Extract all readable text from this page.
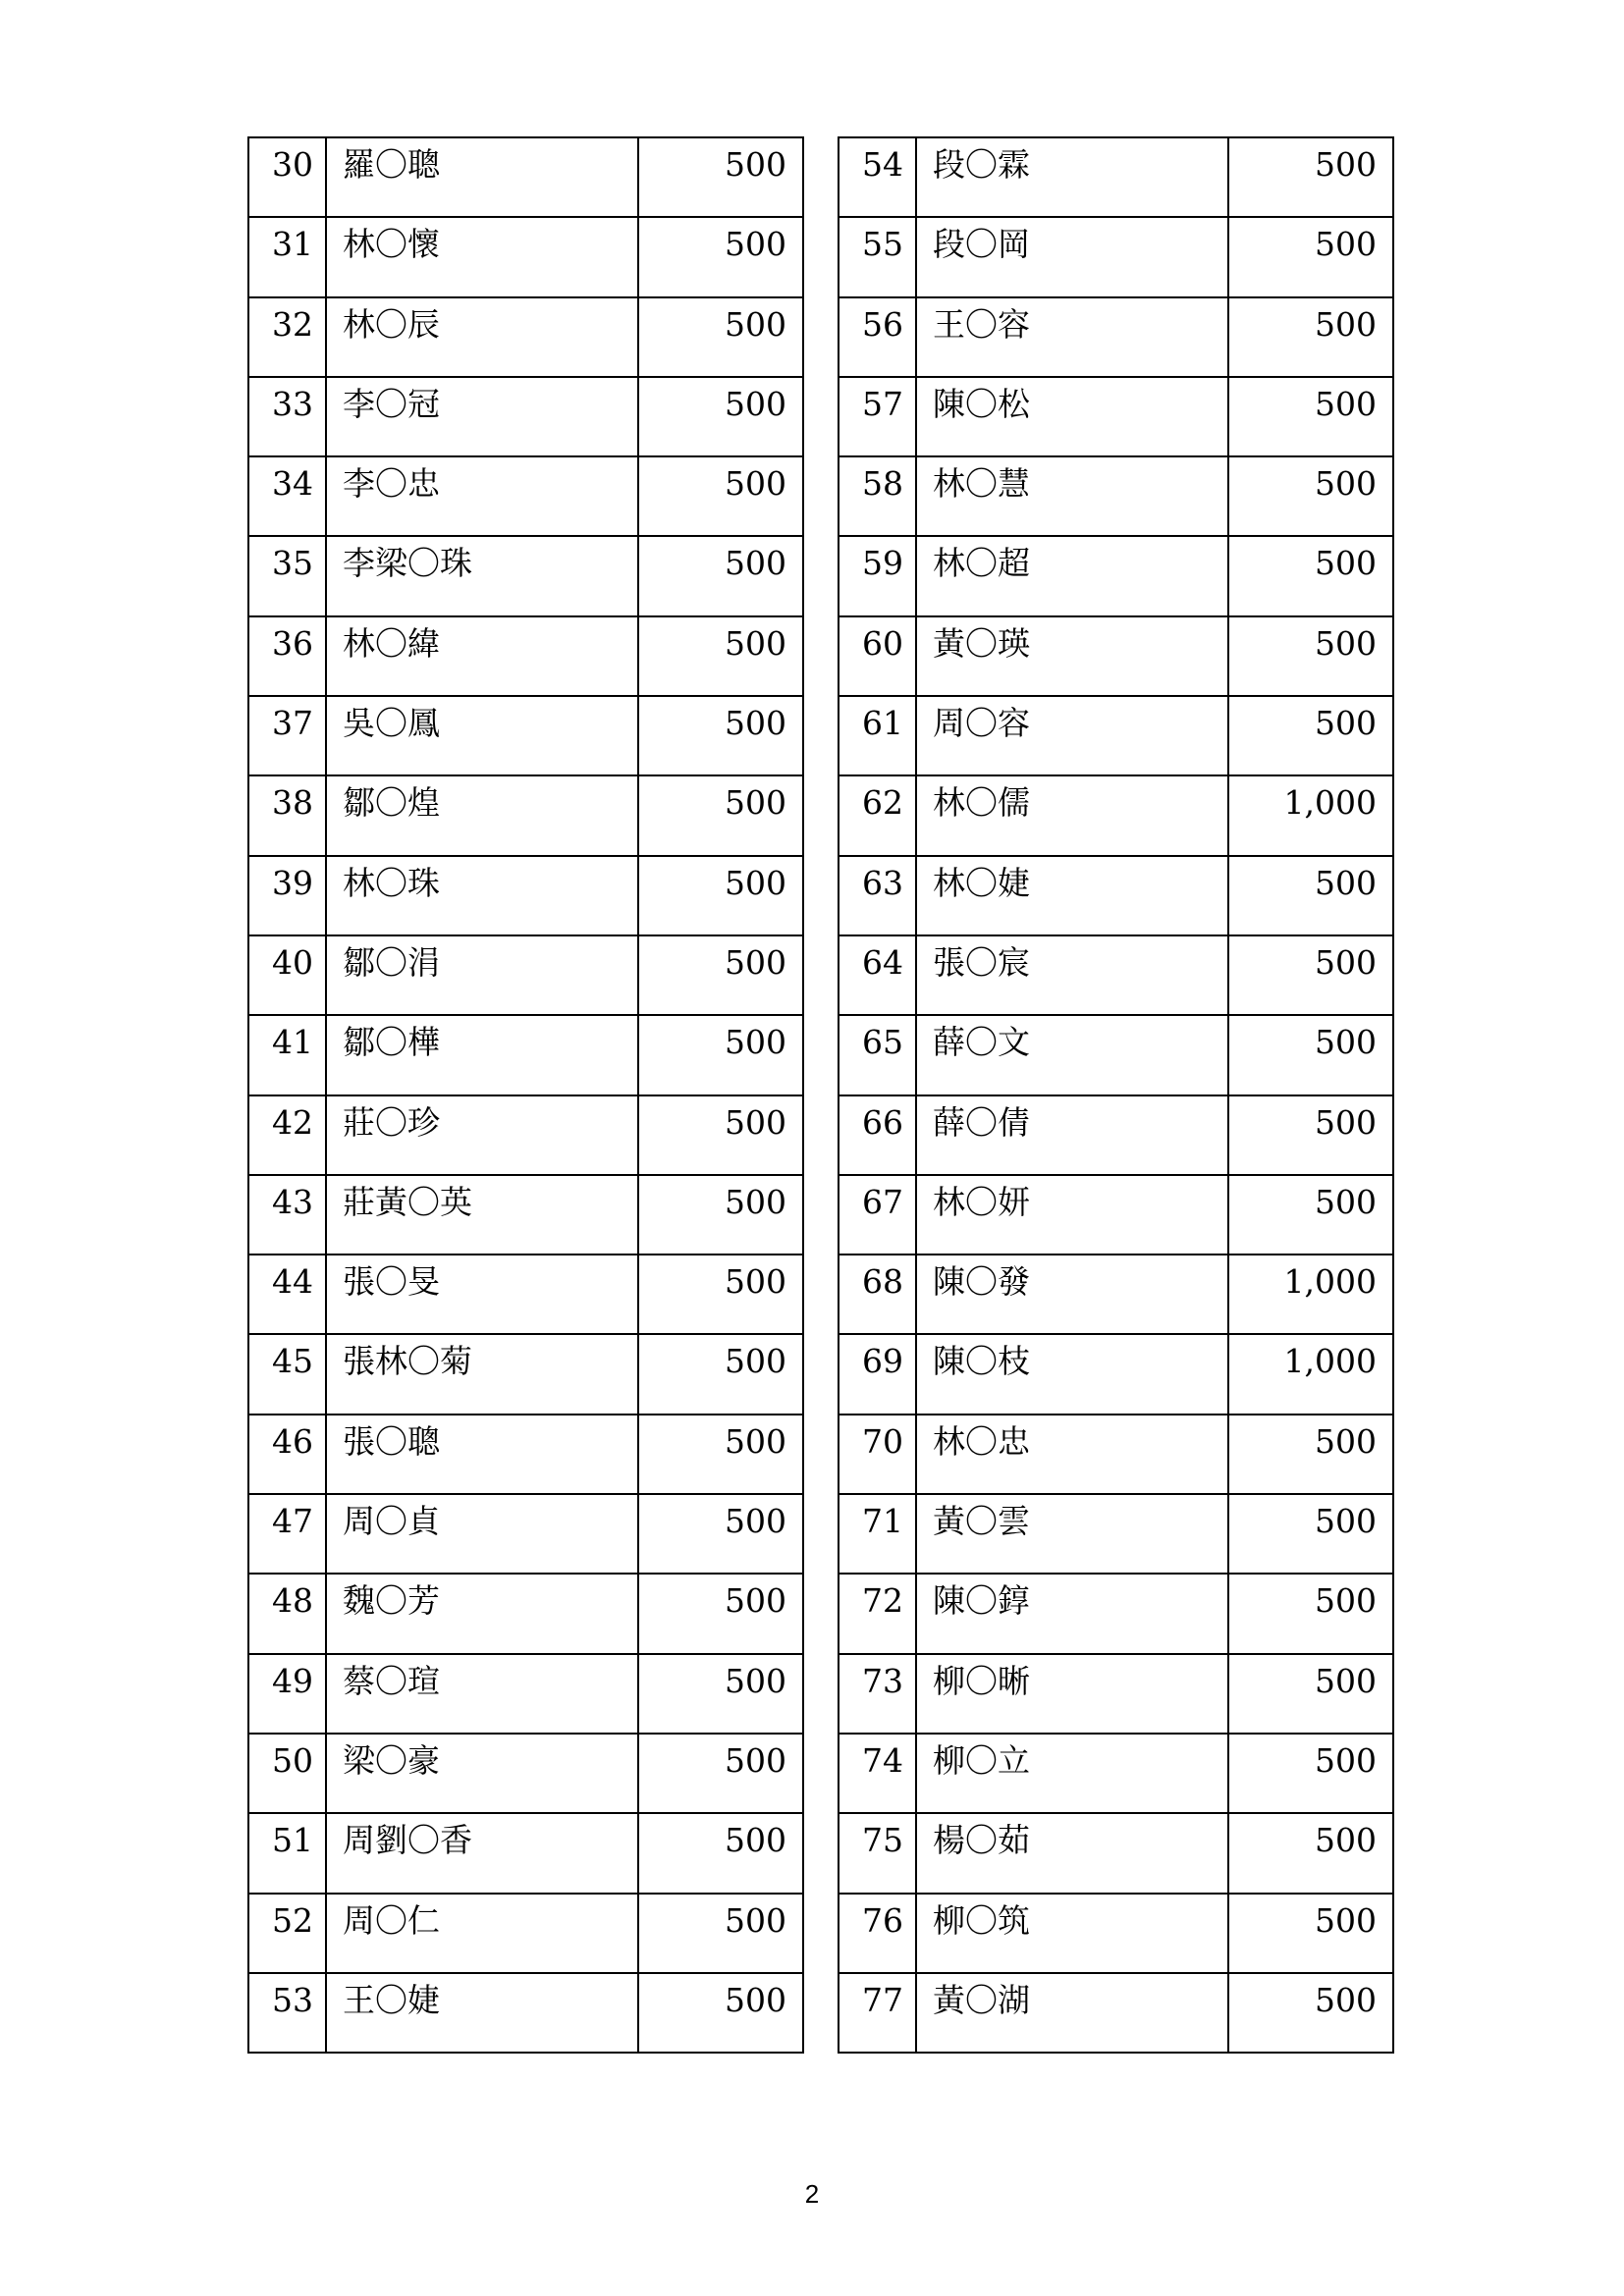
30	羅〇聰	500
31	林〇懷	500
32	林〇辰	500
33	李〇冠	500
34	李〇忠	500
35	李梁〇珠	500
36	林〇緯	500
37	吳〇鳳	500
38	鄒〇煌	500
39	林〇珠	500
40	鄒〇涓	500
41	鄒〇樺	500
42	莊〇珍	500
43	莊黃〇英	500
44	張〇旻	500
45	張林〇菊	500
46	張〇聰	500
47	周〇貞	500
48	魏〇芳	500
49	蔡〇瑄	500
50	梁〇豪	500
51	周劉〇香	500
52	周〇仁	500
53	王〇婕	500
54	段〇霖	500
55	段〇岡	500
56	王〇容	500
57	陳〇松	500
58	林〇慧	500
59	林〇超	500
60	黃〇瑛	500
61	周〇容	500
62	林〇儒	1,000
63	林〇婕	500
64	張〇宸	500
65	薛〇文	500
66	薛〇倩	500
67	林〇妍	500
68	陳〇發	1,000
69	陳〇枝	1,000
70	林〇忠	500
71	黃〇雲	500
72	陳〇錞	500
73	柳〇晰	500
74	柳〇立	500
75	楊〇茹	500
76	柳〇筑	500
77	黃〇湖	500
2
